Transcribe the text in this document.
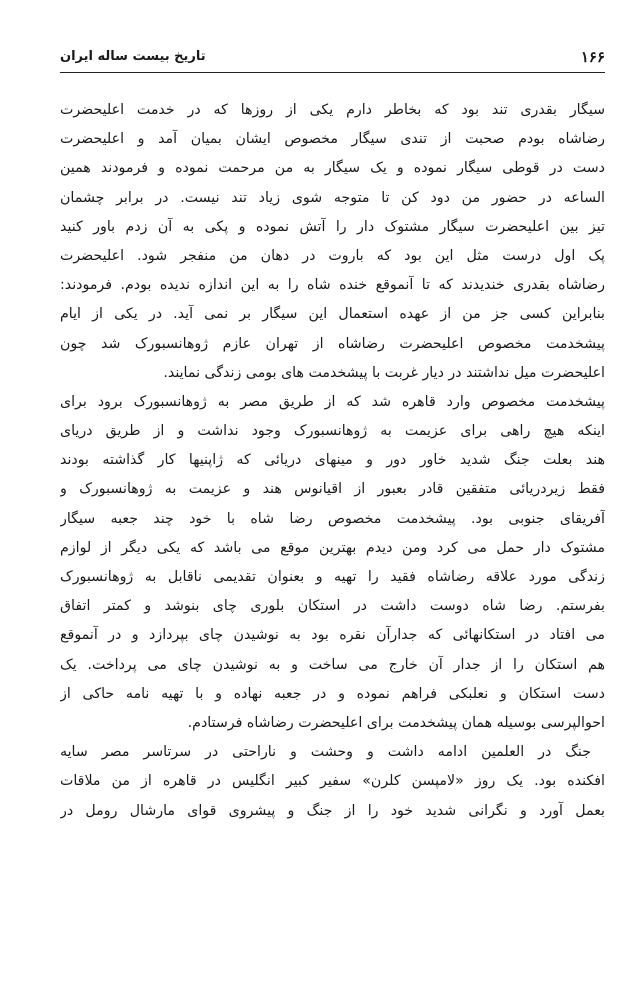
۱۶۶
تاریخ بیست ساله ایران
سیگار بقدری تند بود که بخاطر دارم یکی از روزها که در خدمت اعلیحضرت
رضاشاه بودم صحبت از تندی سیگار مخصوص ایشان بمیان آمد و اعلیحضرت
دست در قوطی سیگار نموده و یک سیگار به من مرحمت نموده و فرمودند همین
الساعه در حضور من دود کن تا متوجه شوی زیاد تند نیست. در برابر چشمان
تیز بین اعلیحضرت سیگار مشتوک دار را آتش نموده و پکی به آن زدم باور کنید
پک اول درست مثل این بود که باروت در دهان من منفجر شود. اعلیحضرت
رضاشاه بقدری خندیدند که تا آنموقع خنده شاه را به این اندازه ندیده بودم. فرمودند:
بنابراین کسی جز من از عهده استعمال این سیگار بر نمی آید. در یکی از ایام
پیشخدمت مخصوص اعلیحضرت رضاشاه از تهران عازم ژوهانسبورک شد چون
اعلیحضرت میل نداشتند در دیار غربت با پیشخدمت های بومی زندگی نمایند.
پیشخدمت مخصوص وارد قاهره شد که از طریق مصر به ژوهانسبورک برود برای
اینکه هیچ راهی برای عزیمت به ژوهانسبورک وجود نداشت و از طریق دریای
هند بعلت جنگ شدید خاور دور و مینهای دریائی که ژاپنیها کار گذاشته بودند
فقط زیردریائی متفقین قادر بعبور از اقیانوس هند و عزیمت به ژوهانسبورک و
آفریقای جنوبی بود. پیشخدمت مخصوص رضا شاه با خود چند جعبه سیگار
مشتوک دار حمل می کرد ومن دیدم بهترین موقع می باشد که یکی دیگر از لوازم
زندگی مورد علاقه رضاشاه فقید را تهیه و بعنوان تقدیمی ناقابل به ژوهانسبورک
بفرستم. رضا شاه دوست داشت در استکان بلوری چای بنوشد و کمتر اتفاق
می افتاد در استکانهائی که جدارآن نقره بود به نوشیدن چای بپردازد و در آنموقع
هم استکان را از جدار آن خارج می ساخت و به نوشیدن چای می پرداخت. یک
دست استکان و نعلبکی فراهم نموده و در جعبه نهاده و با تهیه نامه حاکی از
احوالپرسی بوسیله همان پیشخدمت برای اعلیحضرت رضاشاه فرستادم.
جنگ در العلمین ادامه داشت و وحشت و ناراحتی در سرتاسر مصر سایه
افکنده بود. یک روز «لامپسن کلرن» سفیر کبیر انگلیس در قاهره از من ملاقات
بعمل آورد و نگرانی شدید خود را از جنگ و پیشروی قوای مارشال رومل در
